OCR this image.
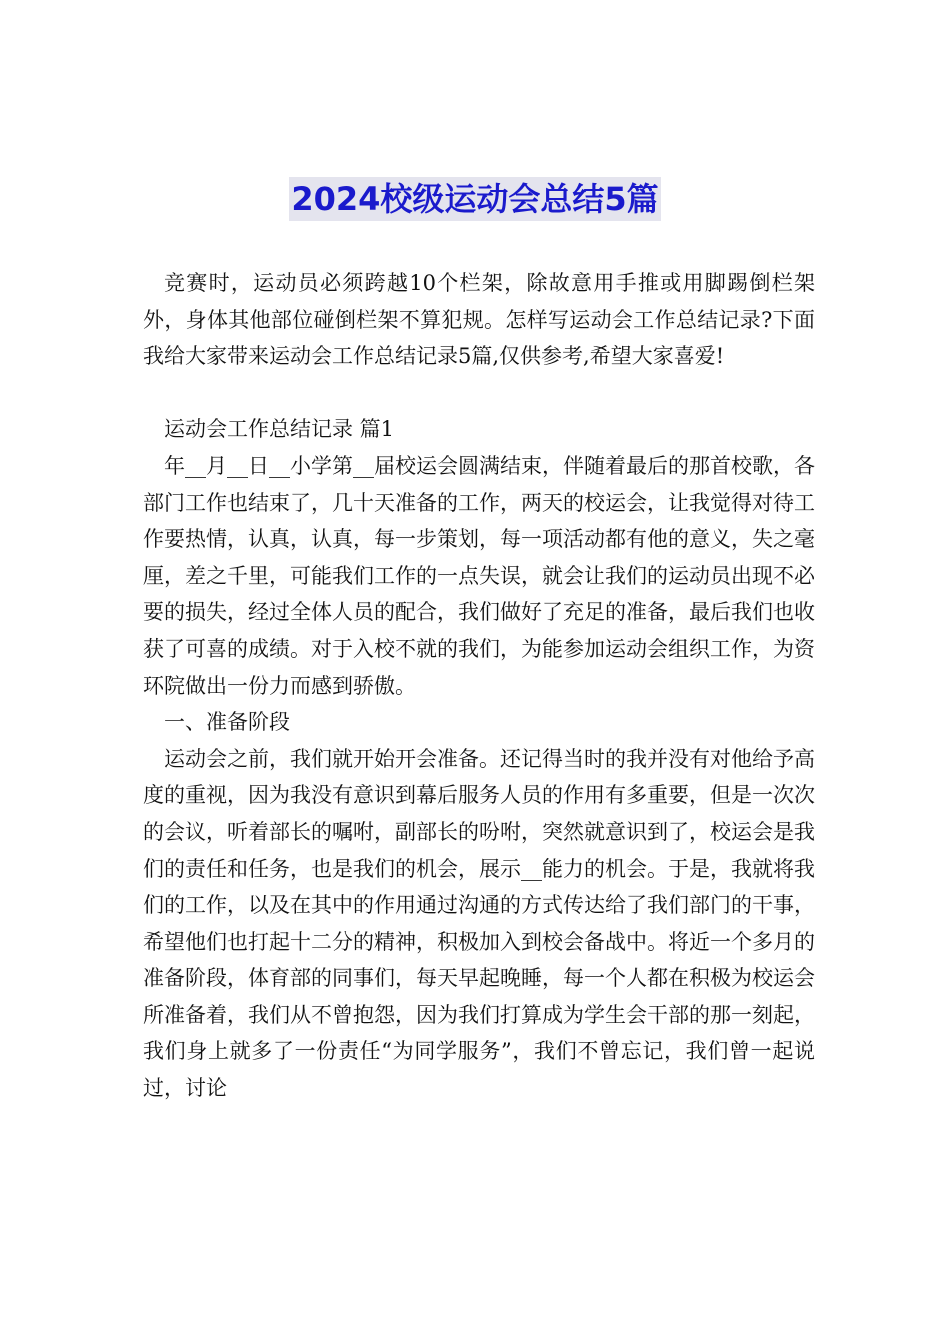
2024校级运动会总结5篇

竞赛时，运动员必须跨越10个栏架，除故意用手推或用脚踢倒栏架外，身体其他部位碰倒栏架不算犯规。怎样写运动会工作总结记录?下面我给大家带来运动会工作总结记录5篇,仅供参考,希望大家喜爱!

运动会工作总结记录 篇1

年__月__日__小学第__届校运会圆满结束，伴随着最后的那首校歌，各部门工作也结束了，几十天准备的工作，两天的校运会，让我觉得对待工作要热情，认真，认真，每一步策划，每一项活动都有他的意义，失之毫厘，差之千里，可能我们工作的一点失误，就会让我们的运动员出现不必要的损失，经过全体人员的配合，我们做好了充足的准备，最后我们也收获了可喜的成绩。对于入校不就的我们，为能参加运动会组织工作，为资环院做出一份力而感到骄傲。

一、准备阶段

运动会之前，我们就开始开会准备。还记得当时的我并没有对他给予高度的重视，因为我没有意识到幕后服务人员的作用有多重要，但是一次次的会议，听着部长的嘱咐，副部长的吩咐，突然就意识到了，校运会是我们的责任和任务，也是我们的机会，展示__能力的机会。于是，我就将我们的工作，以及在其中的作用通过沟通的方式传达给了我们部门的干事，希望他们也打起十二分的精神，积极加入到校会备战中。将近一个多月的准备阶段，体育部的同事们，每天早起晚睡，每一个人都在积极为校运会所准备着，我们从不曾抱怨，因为我们打算成为学生会干部的那一刻起，我们身上就多了一份责任“为同学服务”，我们不曾忘记，我们曾一起说过，讨论
